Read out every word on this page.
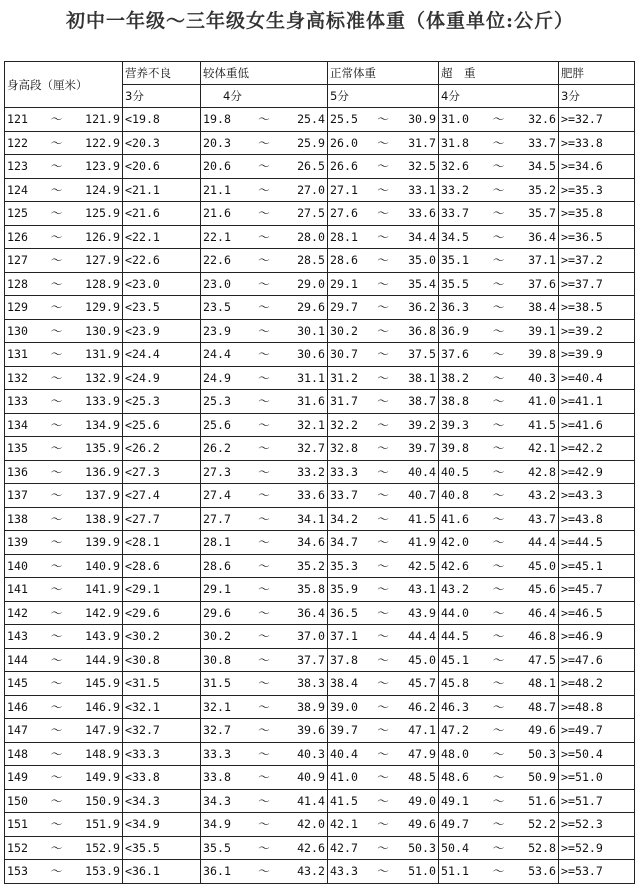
初中一年级～三年级女生身高标准体重（体重单位:公斤）
身高段（厘米）	营养不良	较体重低	正常体重	超　重	肥胖
	3分	4分	5分	4分	3分

121 ～ 121.9	<19.8	19.8 ～ 25.4	25.5 ～ 30.9	31.0 ～ 32.6	>=32.7

122 ～ 122.9	<20.3	20.3 ～ 25.9	26.0 ～ 31.7	31.8 ～ 33.7	>=33.8

123 ～ 123.9	<20.6	20.6 ～ 26.5	26.6 ～ 32.5	32.6 ～ 34.5	>=34.6

124 ～ 124.9	<21.1	21.1 ～ 27.0	27.1 ～ 33.1	33.2 ～ 35.2	>=35.3

125 ～ 125.9	<21.6	21.6 ～ 27.5	27.6 ～ 33.6	33.7 ～ 35.7	>=35.8

126 ～ 126.9	<22.1	22.1 ～ 28.0	28.1 ～ 34.4	34.5 ～ 36.4	>=36.5

127 ～ 127.9	<22.6	22.6 ～ 28.5	28.6 ～ 35.0	35.1 ～ 37.1	>=37.2

128 ～ 128.9	<23.0	23.0 ～ 29.0	29.1 ～ 35.4	35.5 ～ 37.6	>=37.7

129 ～ 129.9	<23.5	23.5 ～ 29.6	29.7 ～ 36.2	36.3 ～ 38.4	>=38.5

130 ～ 130.9	<23.9	23.9 ～ 30.1	30.2 ～ 36.8	36.9 ～ 39.1	>=39.2

131 ～ 131.9	<24.4	24.4 ～ 30.6	30.7 ～ 37.5	37.6 ～ 39.8	>=39.9

132 ～ 132.9	<24.9	24.9 ～ 31.1	31.2 ～ 38.1	38.2 ～ 40.3	>=40.4

133 ～ 133.9	<25.3	25.3 ～ 31.6	31.7 ～ 38.7	38.8 ～ 41.0	>=41.1

134 ～ 134.9	<25.6	25.6 ～ 32.1	32.2 ～ 39.2	39.3 ～ 41.5	>=41.6

135 ～ 135.9	<26.2	26.2 ～ 32.7	32.8 ～ 39.7	39.8 ～ 42.1	>=42.2

136 ～ 136.9	<27.3	27.3 ～ 33.2	33.3 ～ 40.4	40.5 ～ 42.8	>=42.9

137 ～ 137.9	<27.4	27.4 ～ 33.6	33.7 ～ 40.7	40.8 ～ 43.2	>=43.3

138 ～ 138.9	<27.7	27.7 ～ 34.1	34.2 ～ 41.5	41.6 ～ 43.7	>=43.8

139 ～ 139.9	<28.1	28.1 ～ 34.6	34.7 ～ 41.9	42.0 ～ 44.4	>=44.5

140 ～ 140.9	<28.6	28.6 ～ 35.2	35.3 ～ 42.5	42.6 ～ 45.0	>=45.1

141 ～ 141.9	<29.1	29.1 ～ 35.8	35.9 ～ 43.1	43.2 ～ 45.6	>=45.7

142 ～ 142.9	<29.6	29.6 ～ 36.4	36.5 ～ 43.9	44.0 ～ 46.4	>=46.5

143 ～ 143.9	<30.2	30.2 ～ 37.0	37.1 ～ 44.4	44.5 ～ 46.8	>=46.9

144 ～ 144.9	<30.8	30.8 ～ 37.7	37.8 ～ 45.0	45.1 ～ 47.5	>=47.6

145 ～ 145.9	<31.5	31.5 ～ 38.3	38.4 ～ 45.7	45.8 ～ 48.1	>=48.2

146 ～ 146.9	<32.1	32.1 ～ 38.9	39.0 ～ 46.2	46.3 ～ 48.7	>=48.8

147 ～ 147.9	<32.7	32.7 ～ 39.6	39.7 ～ 47.1	47.2 ～ 49.6	>=49.7

148 ～ 148.9	<33.3	33.3 ～ 40.3	40.4 ～ 47.9	48.0 ～ 50.3	>=50.4

149 ～ 149.9	<33.8	33.8 ～ 40.9	41.0 ～ 48.5	48.6 ～ 50.9	>=51.0

150 ～ 150.9	<34.3	34.3 ～ 41.4	41.5 ～ 49.0	49.1 ～ 51.6	>=51.7

151 ～ 151.9	<34.9	34.9 ～ 42.0	42.1 ～ 49.6	49.7 ～ 52.2	>=52.3

152 ～ 152.9	<35.5	35.5 ～ 42.6	42.7 ～ 50.3	50.4 ～ 52.8	>=52.9

153 ～ 153.9	<36.1	36.1 ～ 43.2	43.3 ～ 51.0	51.1 ～ 53.6	>=53.7
